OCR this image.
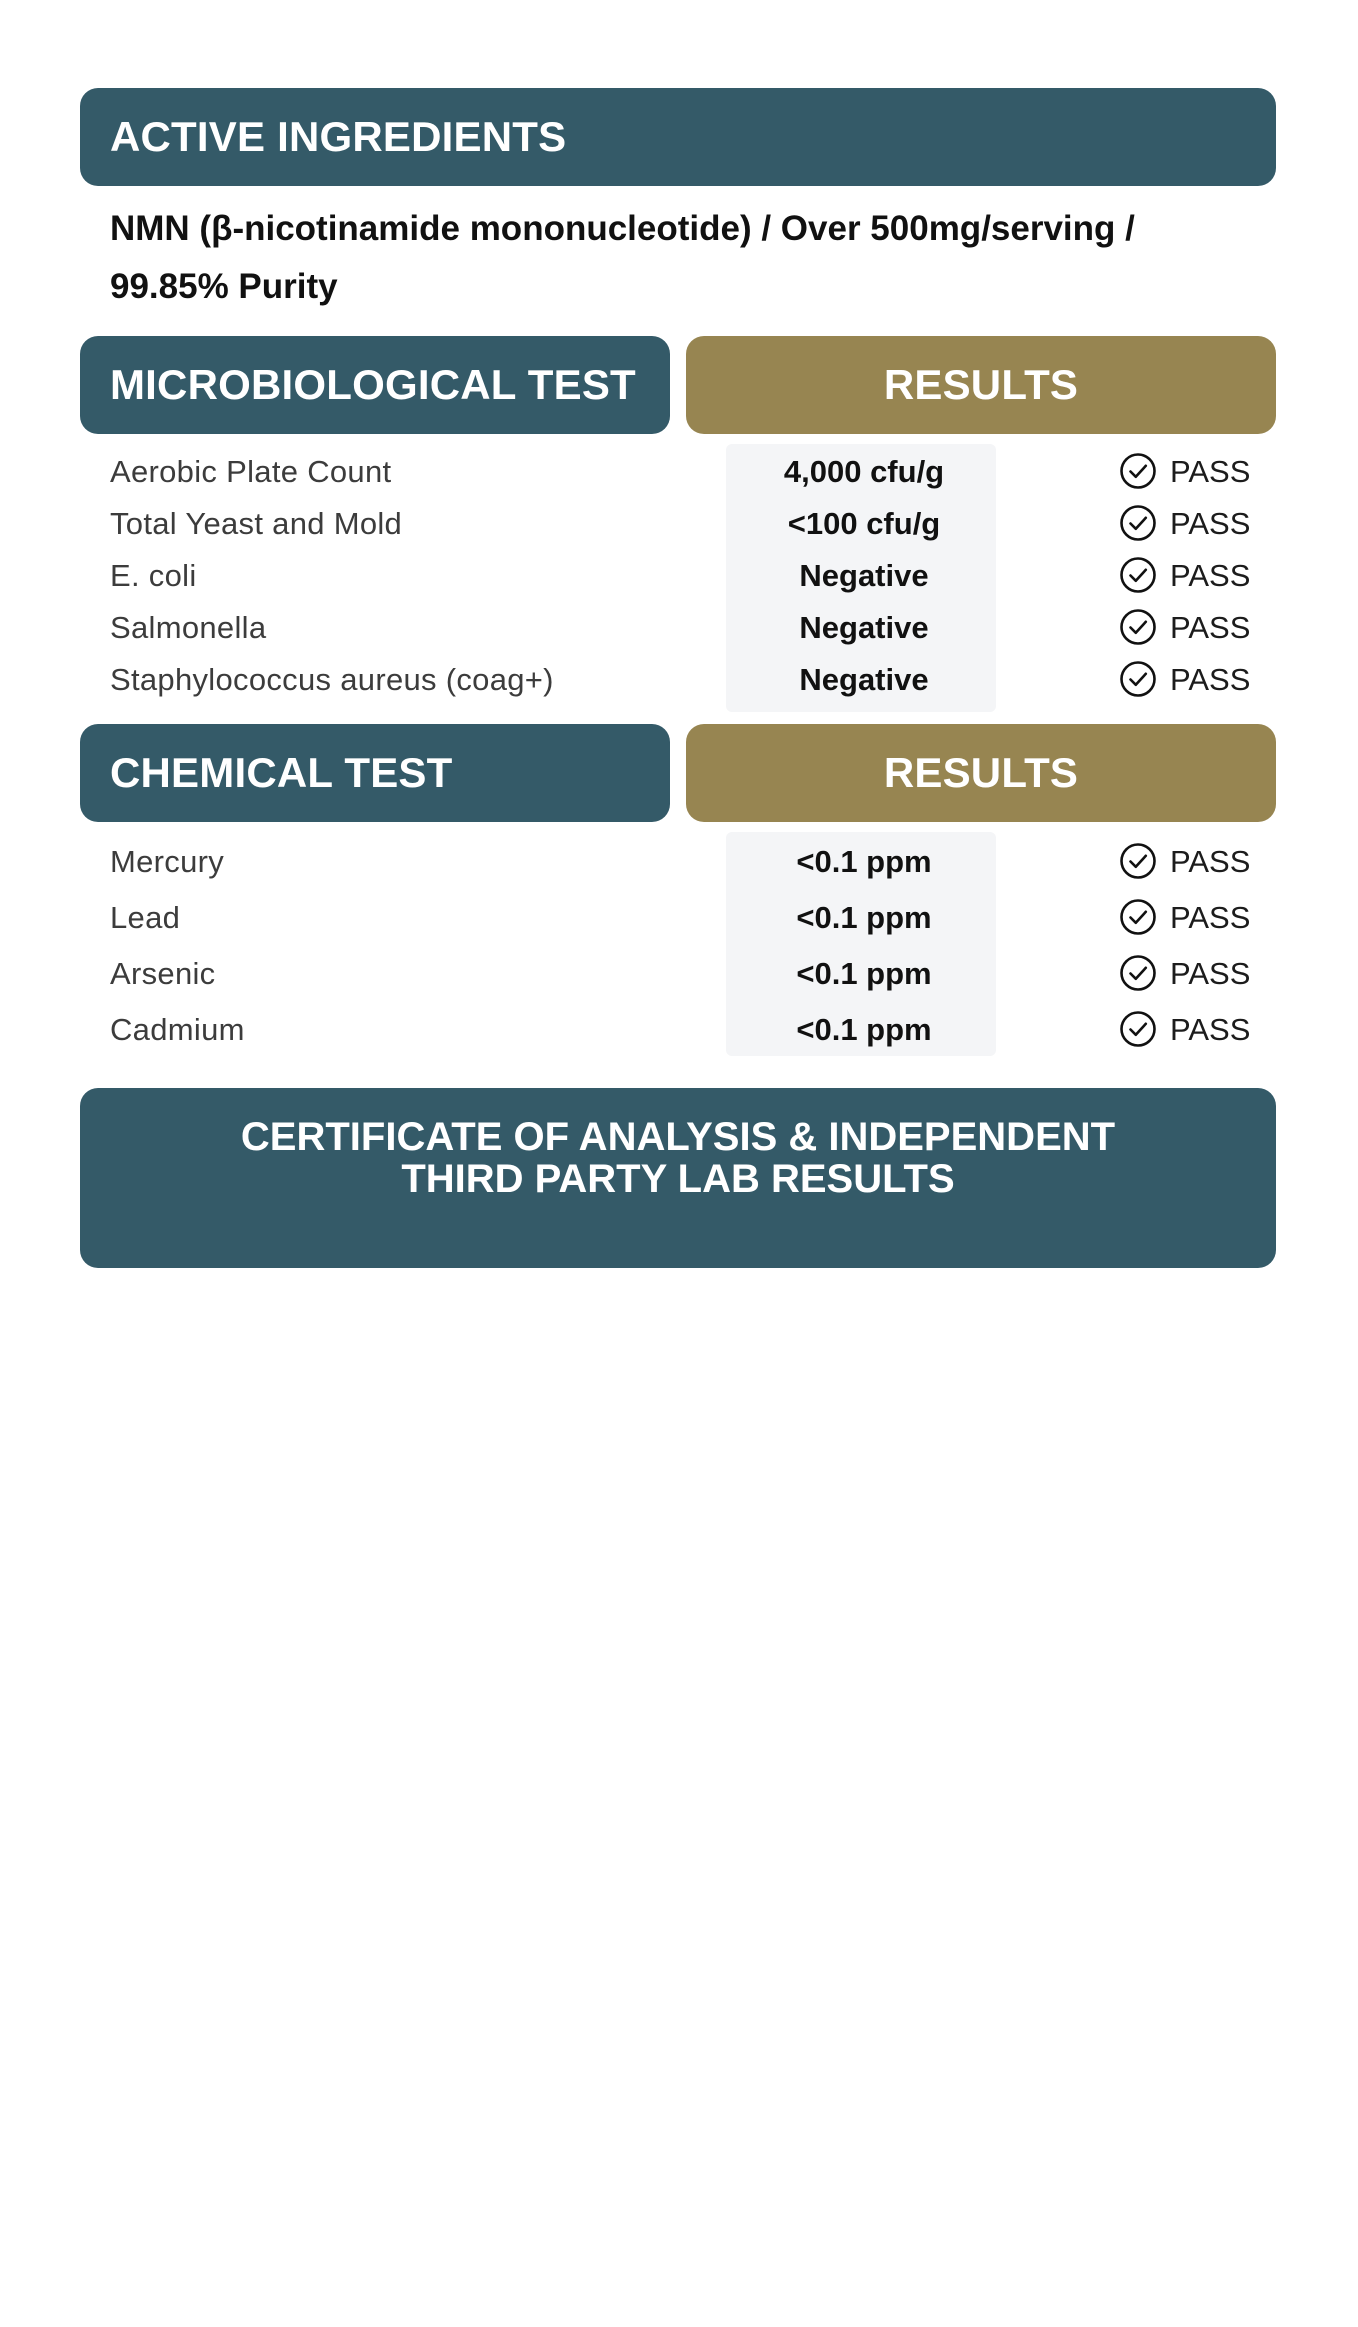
ACTIVE INGREDIENTS
NMN (β-nicotinamide mononucleotide) / Over 500mg/serving / 99.85% Purity
MICROBIOLOGICAL TEST	RESULTS
Aerobic Plate Count	4,000 cfu/g	PASS
Total Yeast and Mold	<100 cfu/g	PASS
E. coli	Negative	PASS
Salmonella	Negative	PASS
Staphylococcus aureus (coag+)	Negative	PASS
CHEMICAL TEST	RESULTS
Mercury	<0.1 ppm	PASS
Lead	<0.1 ppm	PASS
Arsenic	<0.1 ppm	PASS
Cadmium	<0.1 ppm	PASS
CERTIFICATE OF ANALYSIS & INDEPENDENT
THIRD PARTY LAB RESULTS
Over 99% Pure. Third-Party Lab Verified. Physician-Formulated.
